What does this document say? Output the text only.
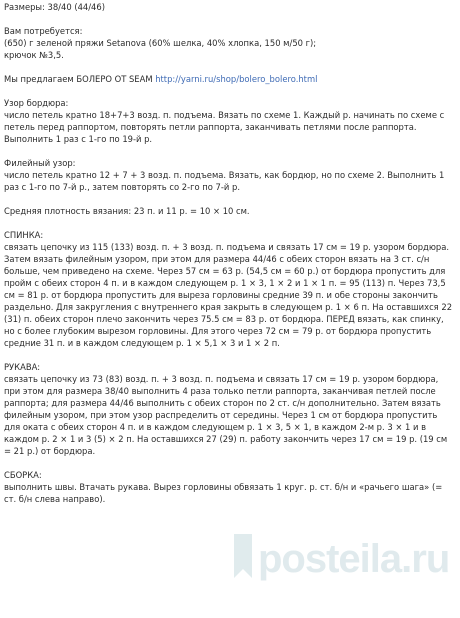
Размеры: 38/40 (44/46)

Вам потребуется:

(650) г зеленой пряжи Setanova (60% шелка, 40% хлопка, 150 м/50 г);

крючок №3,5.

Мы предлагаем БОЛЕРО ОТ SEAM http://yarni.ru/shop/bolero_bolero.html

Узор бордюра:

число петель кратно 18+7+3 возд. п. подъема. Вязать по схеме 1. Каждый р. начинать по схеме с петель перед раппортом, повторять петли раппорта, заканчивать петлями после раппорта. Выполнить 1 раз с 1-го по 19-й р.

Филейный узор:

число петель кратно 12 + 7 + 3 возд. п. подъема. Вязать, как бордюр, но по схеме 2. Выполнить 1 раз с 1-го по 7-й р., затем повторять со 2-го по 7-й р.

Средняя плотность вязания: 23 п. и 11 р. = 10 × 10 см.

СПИНКА:

связать цепочку из 115 (133) возд. п. + 3 возд. п. подъема и связать 17 см = 19 р. узором бордюра. Затем вязать филейным узором, при этом для размера 44/46 с обеих сторон вязать на 3 ст. с/н больше, чем приведено на схеме. Через 57 см = 63 р. (54,5 см = 60 р.) от бордюра пропустить для пройм с обеих сторон 4 п. и в каждом следующем р. 1 × 3, 1 × 2 и 1 × 1 п. = 95 (113) п. Через 73,5 см = 81 р. от бордюра пропустить для выреза горловины средние 39 п. и обе стороны закончить раздельно. Для закругления с внутреннего края закрыть в следующем р. 1 × 6 п. На оставшихся 22 (31) п. обеих сторон плечо закончить через 75.5 см = 83 р. от бордюра. ПЕРЕД вязать, как спинку, но с более глубоким вырезом горловины. Для этого через 72 см = 79 р. от бордюра пропустить средние 31 п. и в каждом следующем р. 1 × 5,1 × 3 и 1 × 2 п.

РУКАВА:

связать цепочку из 73 (83) возд. п. + 3 возд. п. подъема и связать 17 см = 19 р. узором бордюра, при этом для размера 38/40 выполнить 4 раза только петли раппорта, заканчивая петлей после раппорта; для размера 44/46 выполнить с обеих сторон по 2 ст. с/н дополнительно. Затем вязать филейным узором, при этом узор распределить от середины. Через 1 см от бордюра пропустить для оката с обеих сторон 4 п. и в каждом следующем р. 1 × 3, 5 × 1, в каждом 2-м р. 3 × 1 и в каждом р. 2 × 1 и 3 (5) × 2 п. На оставшихся 27 (29) п. работу закончить через 17 см = 19 р. (19 см = 21 р.) от бордюра.

СБОРКА:

выполнить швы. Втачать рукава. Вырез горловины обвязать 1 круг. р. ст. б/н и «рачьего шага» (= ст. б/н слева направо).

posteila.ru
